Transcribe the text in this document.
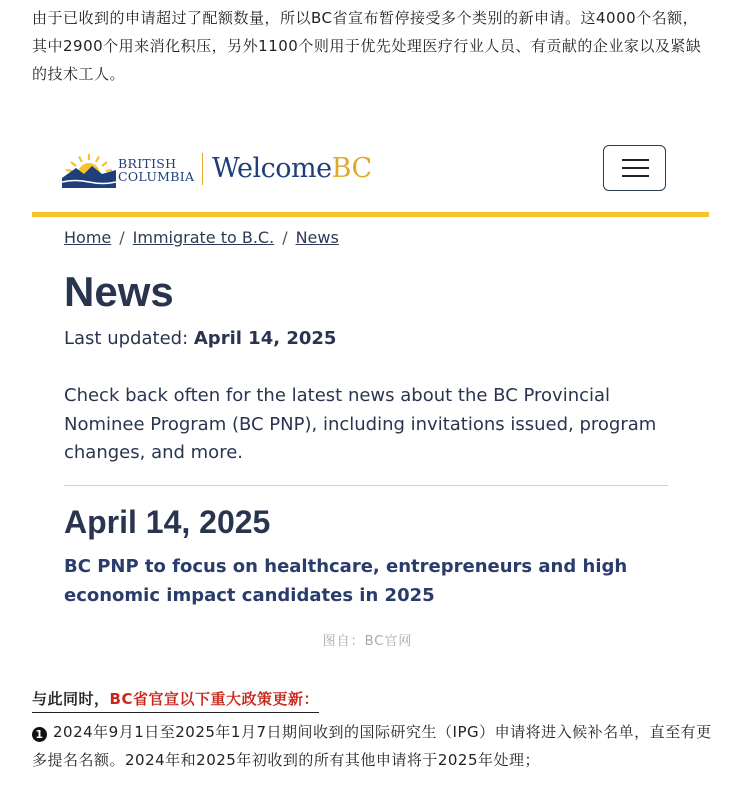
由于已收到的申请超过了配额数量，所以BC省宣布暂停接受多个类别的新申请。这4000个名额，其中2900个用来消化积压，另外1100个则用于优先处理医疗行业人员、有贡献的企业家以及紧缺的技术工人。

BRITISH
COLUMBIA WelcomeBC
Home / Immigrate to B.C. / News
News
Last updated: April 14, 2025

Check back often for the latest news about the BC Provincial Nominee Program (BC PNP), including invitations issued, program changes, and more.

April 14, 2025

BC PNP to focus on healthcare, entrepreneurs and high economic impact candidates in 2025

图自：BC官网
与此同时，BC省官宣以下重大政策更新：

1 2024年9月1日至2025年1月7日期间收到的国际研究生（IPG）申请将进入候补名单，直至有更多提名名额。2024年和2025年初收到的所有其他申请将于2025年处理；
